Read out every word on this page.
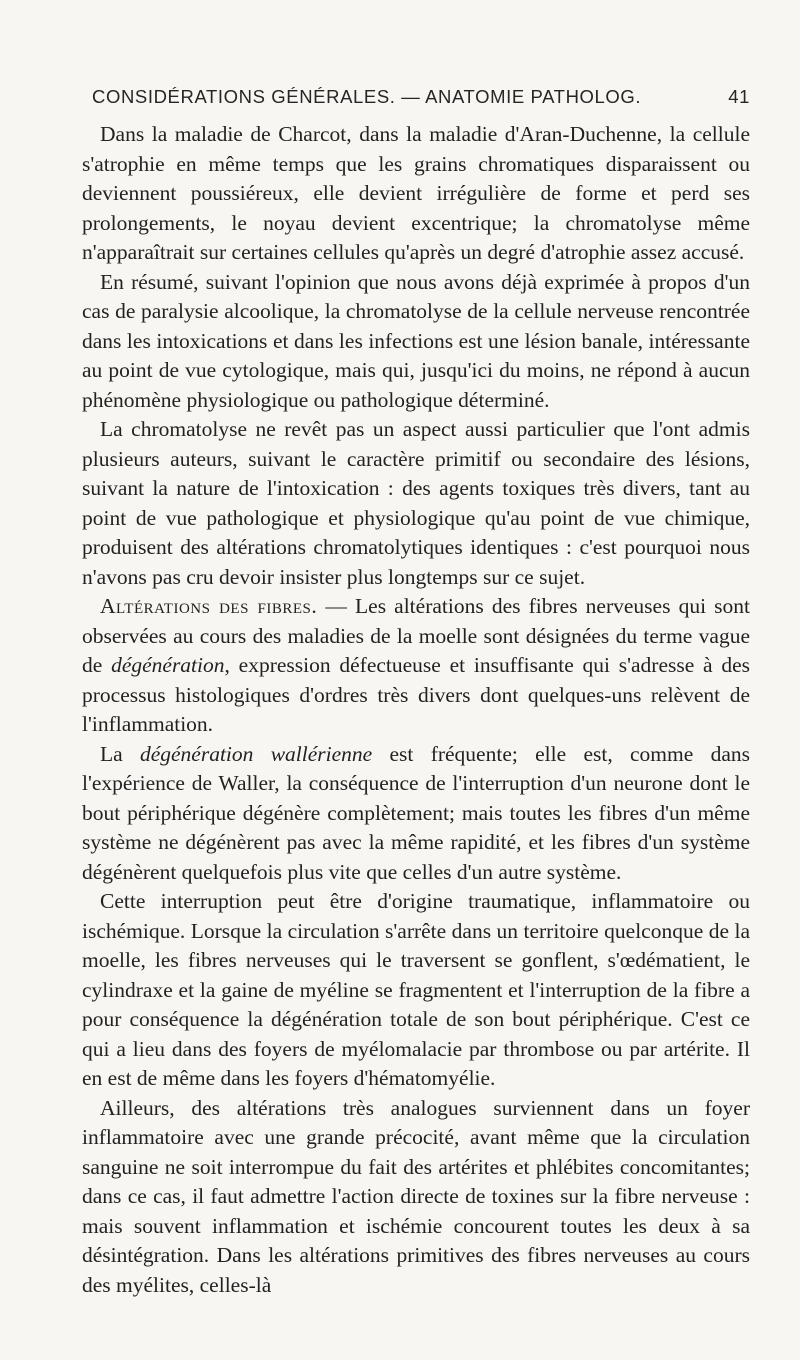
CONSIDÉRATIONS GÉNÉRALES. — ANATOMIE PATHOLOG.	41

Dans la maladie de Charcot, dans la maladie d'Aran-Duchenne, la cellule s'atrophie en même temps que les grains chromatiques disparaissent ou deviennent poussiéreux, elle devient irrégulière de forme et perd ses prolongements, le noyau devient excentrique; la chromatolyse même n'apparaîtrait sur certaines cellules qu'après un degré d'atrophie assez accusé.

En résumé, suivant l'opinion que nous avons déjà exprimée à propos d'un cas de paralysie alcoolique, la chromatolyse de la cellule nerveuse rencontrée dans les intoxications et dans les infections est une lésion banale, intéressante au point de vue cytologique, mais qui, jusqu'ici du moins, ne répond à aucun phénomène physiologique ou pathologique déterminé.

La chromatolyse ne revêt pas un aspect aussi particulier que l'ont admis plusieurs auteurs, suivant le caractère primitif ou secondaire des lésions, suivant la nature de l'intoxication : des agents toxiques très divers, tant au point de vue pathologique et physiologique qu'au point de vue chimique, produisent des altérations chromatolytiques identiques : c'est pourquoi nous n'avons pas cru devoir insister plus longtemps sur ce sujet.

Altérations des fibres. — Les altérations des fibres nerveuses qui sont observées au cours des maladies de la moelle sont désignées du terme vague de dégénération, expression défectueuse et insuffisante qui s'adresse à des processus histologiques d'ordres très divers dont quelques-uns relèvent de l'inflammation.

La dégénération wallérienne est fréquente; elle est, comme dans l'expérience de Waller, la conséquence de l'interruption d'un neurone dont le bout périphérique dégénère complètement; mais toutes les fibres d'un même système ne dégénèrent pas avec la même rapidité, et les fibres d'un système dégénèrent quelquefois plus vite que celles d'un autre système.

Cette interruption peut être d'origine traumatique, inflammatoire ou ischémique. Lorsque la circulation s'arrête dans un territoire quelconque de la moelle, les fibres nerveuses qui le traversent se gonflent, s'œdématient, le cylindraxe et la gaine de myéline se fragmentent et l'interruption de la fibre a pour conséquence la dégénération totale de son bout périphérique. C'est ce qui a lieu dans des foyers de myélomalacie par thrombose ou par artérite. Il en est de même dans les foyers d'hématomyélie.

Ailleurs, des altérations très analogues surviennent dans un foyer inflammatoire avec une grande précocité, avant même que la circulation sanguine ne soit interrompue du fait des artérites et phlébites concomitantes; dans ce cas, il faut admettre l'action directe de toxines sur la fibre nerveuse : mais souvent inflammation et ischémie concourent toutes les deux à sa désintégration. Dans les altérations primitives des fibres nerveuses au cours des myélites, celles-là
